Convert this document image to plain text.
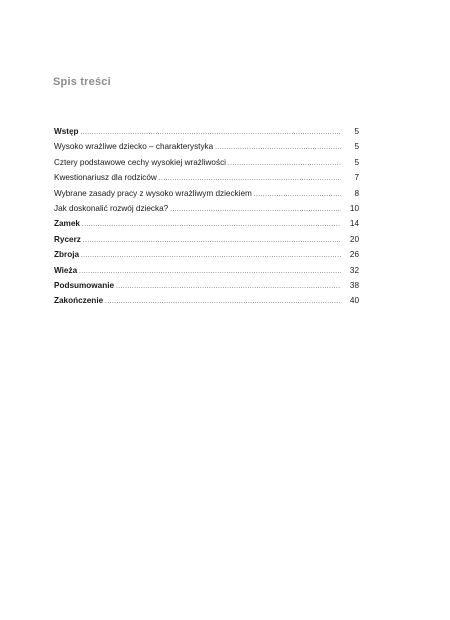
Spis treści
Wstęp .....	5
Wysoko wrażliwe dziecko – charakterystyka .....	5
Cztery podstawowe cechy wysokiej wrażliwości .....	5
Kwestionariusz dla rodziców .....	7
Wybrane zasady pracy z wysoko wrażliwym dzieckiem .....	8
Jak doskonalić rozwój dziecka? .....	10
Zamek .....	14
Rycerz .....	20
Zbroja .....	26
Wieża .....	32
Podsumowanie .....	38
Zakończenie .....	40
